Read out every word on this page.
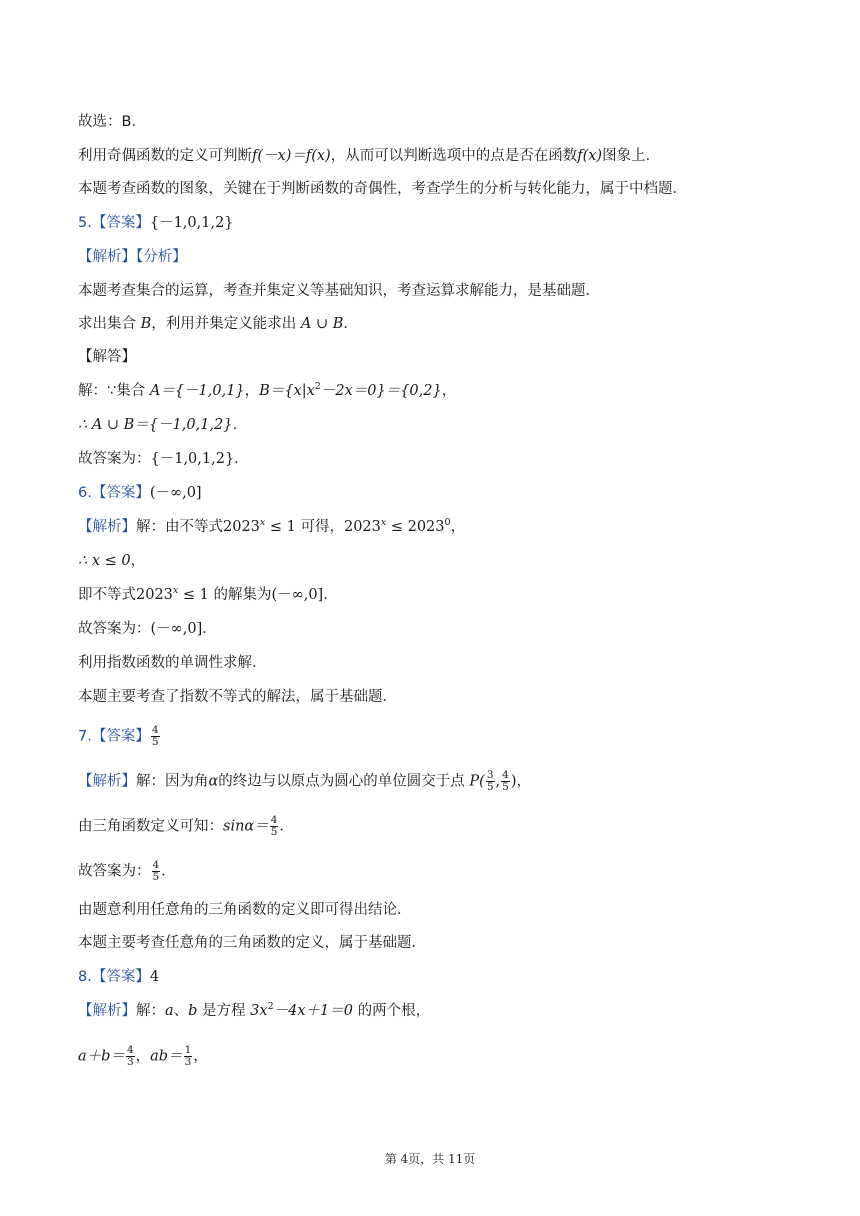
故选：B．
利用奇偶函数的定义可判断f(－x)＝f(x)，从而可以判断选项中的点是否在函数f(x)图象上．
本题考查函数的图象，关键在于判断函数的奇偶性，考查学生的分析与转化能力，属于中档题．
5.【答案】{－1,0,1,2}
【解析】【分析】
本题考查集合的运算，考查并集定义等基础知识，考查运算求解能力，是基础题．
求出集合 B，利用并集定义能求出 A ∪ B．
【解答】
解：∵集合 A＝{－1,0,1}，$B=\{x|x^2-2x=0\}=\{0,2\}$，
∴ A ∪ B＝{－1,0,1,2}．
故答案为：{－1,0,1,2}．
6.【答案】(－∞,0]
【解析】解：由不等式$2023^x \le 1$ 可得，$2023^x \le 2023^0$，
∴ x ≤ 0，
即不等式$2023^x \le 1$ 的解集为(－∞,0]．
故答案为：(－∞,0]．
利用指数函数的单调性求解．
本题主要考查了指数不等式的解法，属于基础题．
7.【答案】 $\frac{4}{5}$
【解析】解：因为角α的终边与以原点为圆心的单位圆交于点 $P( \frac{3}{5}$ , $\frac{4}{5}$ )，
由三角函数定义可知：$\sin\alpha= \frac{4}{5}$ ．
故答案为： $\frac{4}{5}$ ．
由题意利用任意角的三角函数的定义即可得出结论．
本题主要考查任意角的三角函数的定义，属于基础题．
8.【答案】4
【解析】解：a、b 是方程 $3x^2-4x+1=0$ 的两个根，
$a+b= \frac{4}{3}$ ，$ab= \frac{1}{3}$ ，
第 4页，共 11页
